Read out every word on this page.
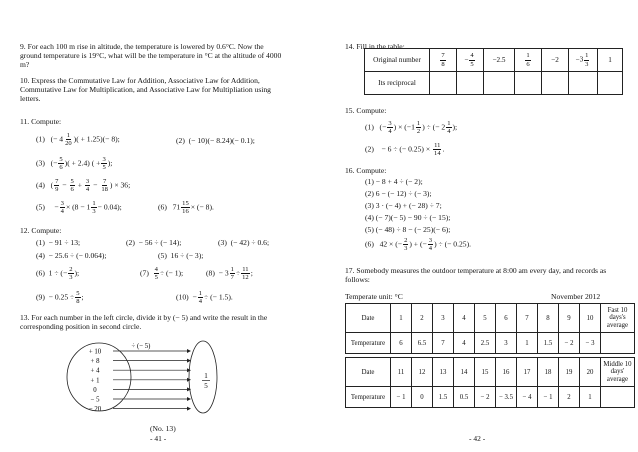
9. For each 100 m rise in altitude, the temperature is lowered by 0.6°C. Now the ground temperature is 19°C, what will be the temperature in °C at the altitude of 4000 m?
10. Express the Commutative Law for Addition, Associative Law for Addition, Commutative Law for Multiplication, and Associative Law for Multipliation using letters.
11. Compute:
(1) (− $4 \frac{1}{20}$ )( + 1.25)(− 8);	(2) (− 10)(− 8.24)(− 0.1);
(3) (− $\frac{5}{6}$ )( + 2.4) ( + $\frac{3}{5}$ );
(4) ( $\frac{7}{9} - \frac{5}{6} + \frac{3}{4} - \frac{7}{18}$ ) × 36;
$(5) - \frac{3}{4} \times (8 - 1 \frac{1}{3} - 0.04)$;	(6) $71 \frac{15}{16}$ × (− 8).
12. Compute:
(1) − 91 ÷ 13;	(2) − 56 ÷ (− 14);	(3) (− 42) ÷ 0.6;
(4) − 25.6 ÷ (− 0.064);	(5) 16 ÷ (− 3);
(6) 1 ÷ (− $\frac{2}{3}$ );	$(7) \frac{4}{5}$ ÷ (− 1);	$(8) - 3 \frac{1}{7} \div \frac{11}{12}$ ;
$(9) - 0.25 \div \frac{5}{8}$ ;	$(10) - \frac{1}{4}$ ÷ (− 1.5).
13. For each number in the left circle, divide it by (− 5) and write the result in the corresponding position in second circle.
÷ (− 5)
+ 10
+ 8
+ 4
+ 1
0
− 5
− 20
1
5
(No. 13)
- 41 -
14. Fill in the table:
Original number	$\frac{7}{8}$	− $\frac{4}{5}$	−2.5	$\frac{1}{6}$	−2	$-3 \frac{1}{3}$	1
Its reciprocal							
15. Compute:
(1)   (− $\frac{3}{4}$ ) × ($-1 \frac{1}{2}$ ) ÷ (− $2 \frac{1}{4}$ );
(2) − 6 ÷ (− $0.25) \times \frac{11}{14}$ .
16. Compute:
(1) − 8 + 4 ÷ (− 2);
(2) 6 − (− 12) ÷ (− 3);
(3) 3 · (− 4) + (− 28) ÷ 7;
(4) (− 7)(− 5) − 90 ÷ (− 15);
(5) (− 48) ÷ 8 − (− 25)(− 6);
(6) 42 × (− $\frac{2}{3}$ ) + (− $\frac{3}{4}$ ) ÷ (− 0.25).
17. Somebody measures the outdoor temperature at 8:00 am every day, and records as follows:
Temperate unit: °C	November 2012
Date	1	2	3	4	5	6	7	8	9	10	Fast 10 days's average
Temperature	6	6.5	7	4	2.5	3	1	1.5	− 2	− 3	
Date	11	12	13	14	15	16	17	18	19	20	Middle 10 days' average
Temperature	− 1	0	1.5	0.5	− 2	− 3.5	− 4	− 1	2	1	
- 42 -
